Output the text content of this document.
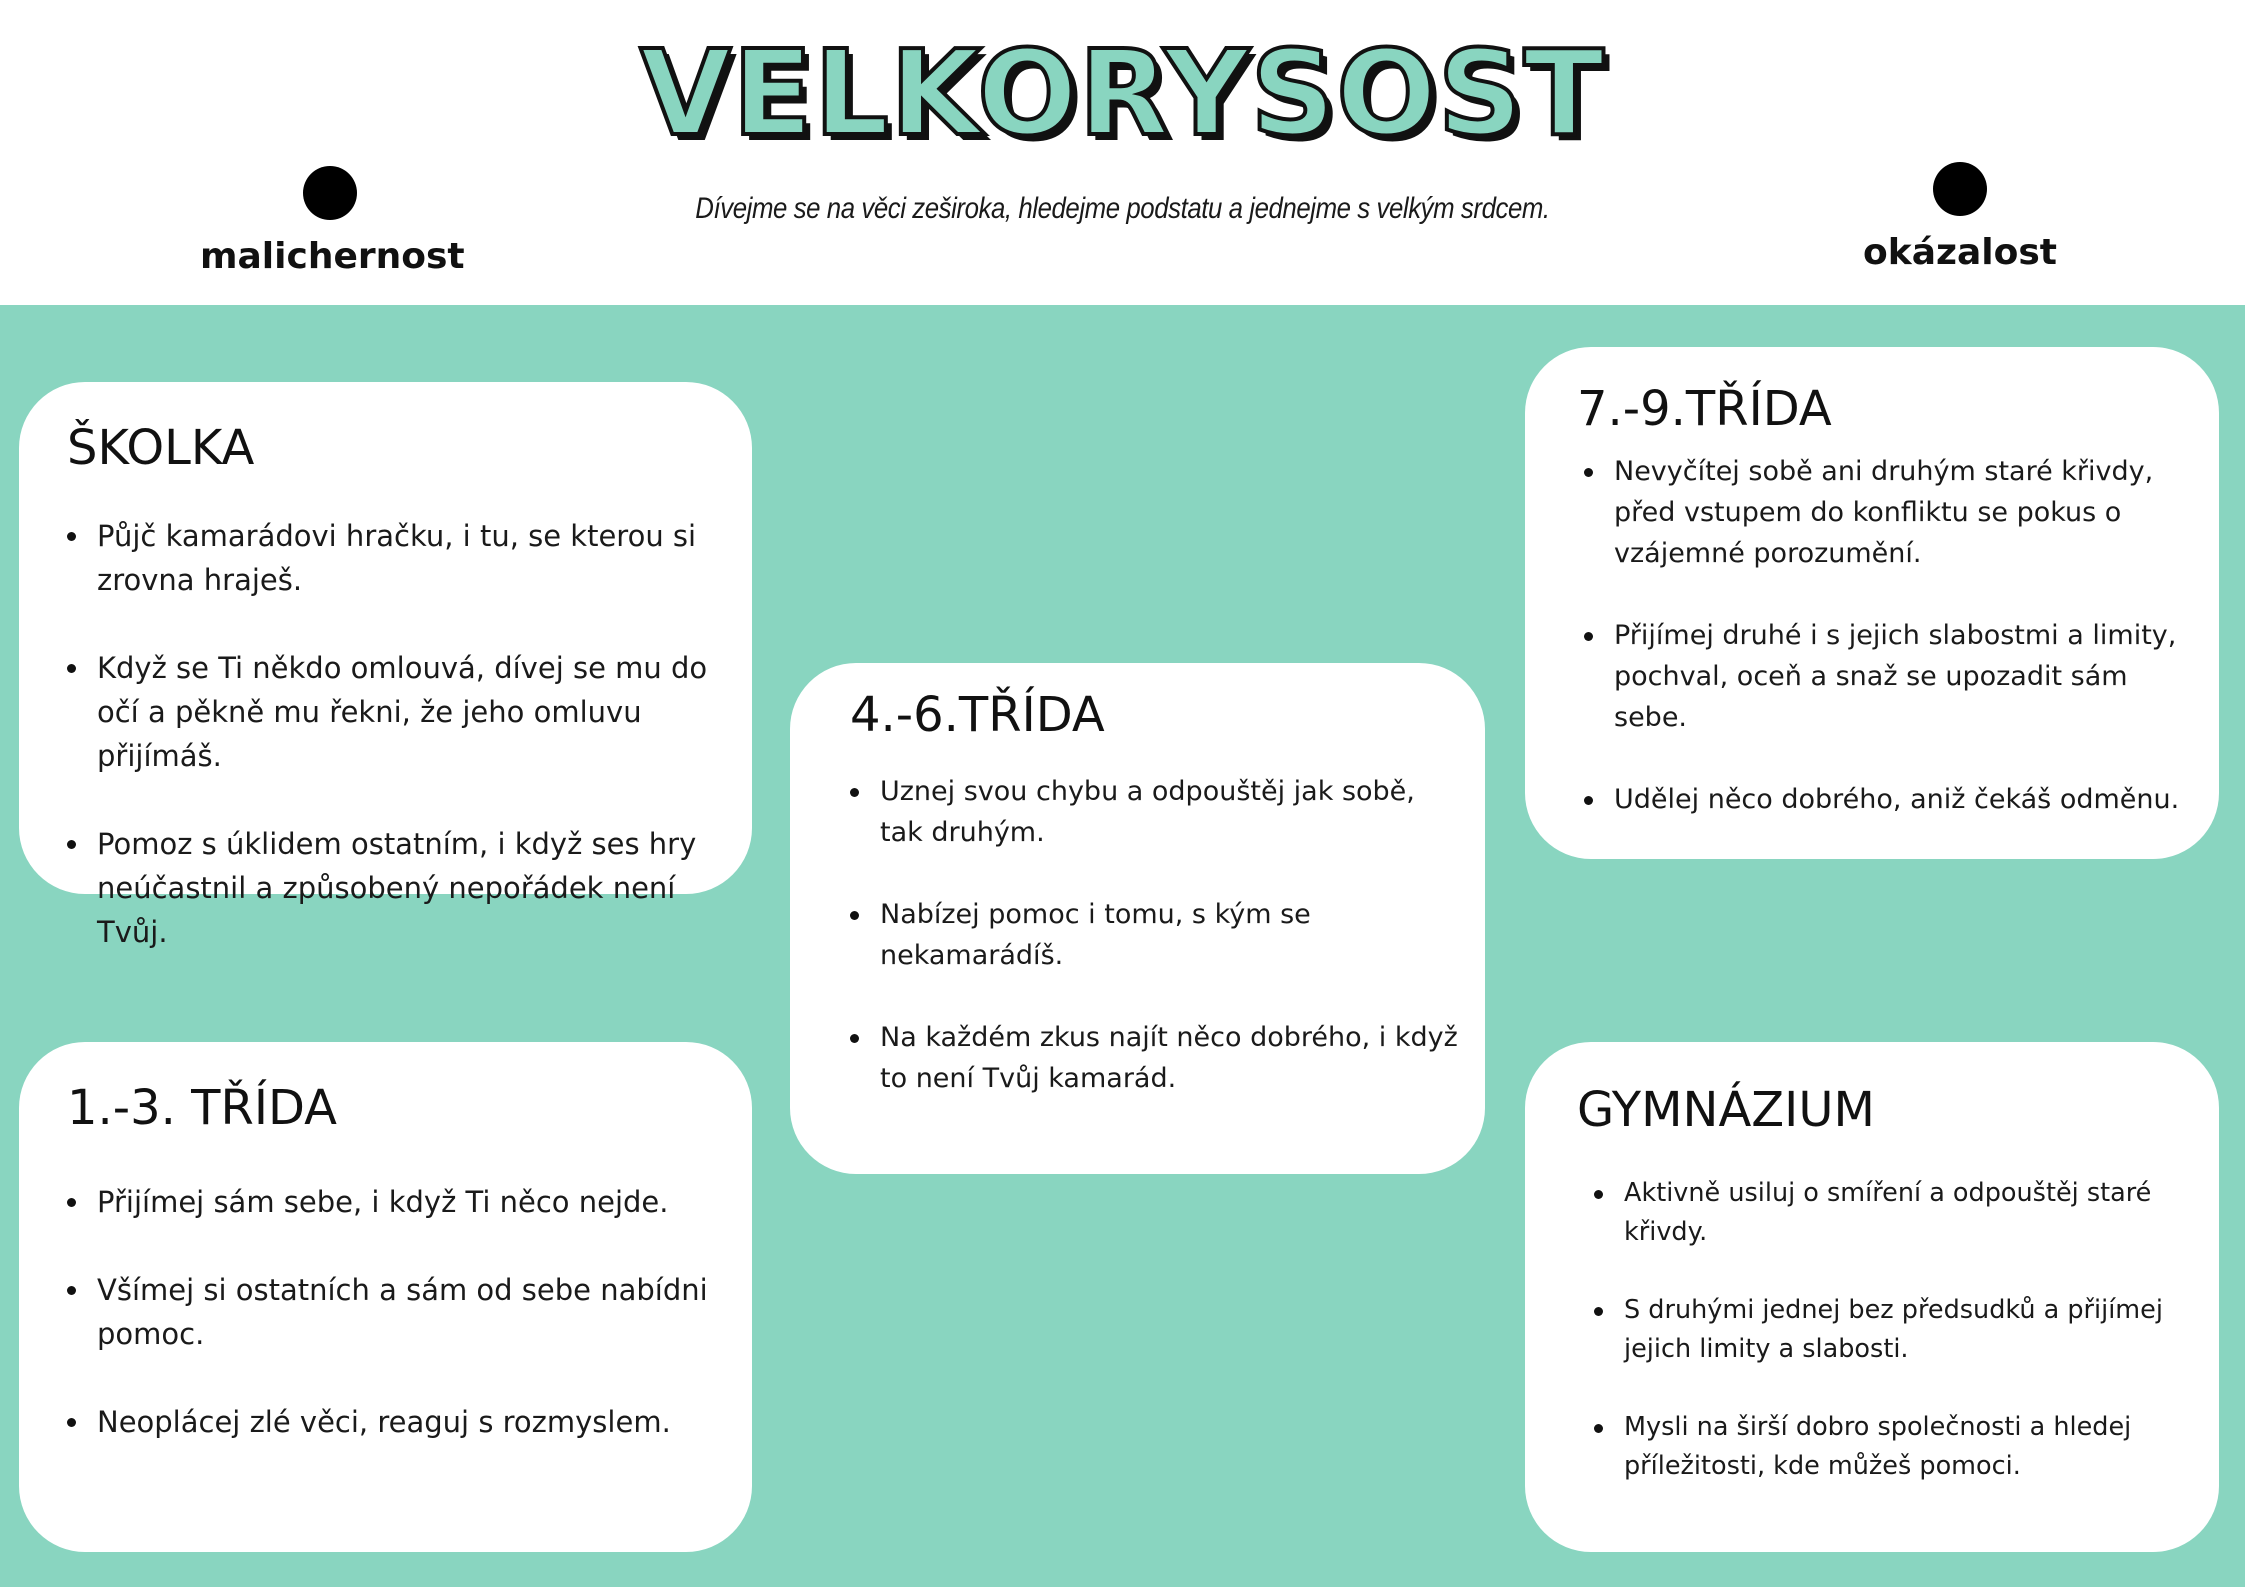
VELKORYSOST
Dívejme se na věci zeširoka, hledejme podstatu a jednejme s velkým srdcem.
malichernost	okázalost
ŠKOLKA
Půjč kamarádovi hračku, i tu, se kterou si zrovna hraješ.
Když se Ti někdo omlouvá, dívej se mu do očí a pěkně mu řekni, že jeho omluvu přijímáš.
Pomoz s úklidem ostatním, i když ses hry neúčastnil a způsobený nepořádek není Tvůj.
1.-3. TŘÍDA
Přijímej sám sebe, i když Ti něco nejde.
Všímej si ostatních a sám od sebe nabídni pomoc.
Neoplácej zlé věci, reaguj s rozmyslem.
4.-6.TŘÍDA
Uznej svou chybu a odpouštěj jak sobě, tak druhým.
Nabízej pomoc i tomu, s kým se nekamarádíš.
Na každém zkus najít něco dobrého, i když to není Tvůj kamarád.
7.-9.TŘÍDA
Nevyčítej sobě ani druhým staré křivdy, před vstupem do konfliktu se pokus o vzájemné porozumění.
Přijímej druhé i s jejich slabostmi a limity, pochval, oceň a snaž se upozadit sám sebe.
Udělej něco dobrého, aniž čekáš odměnu.
GYMNÁZIUM
Aktivně usiluj o smíření a odpouštěj staré křivdy.
S druhými jednej bez předsudků a přijímej jejich limity a slabosti.
Mysli na širší dobro společnosti a hledej příležitosti, kde můžeš pomoci.
